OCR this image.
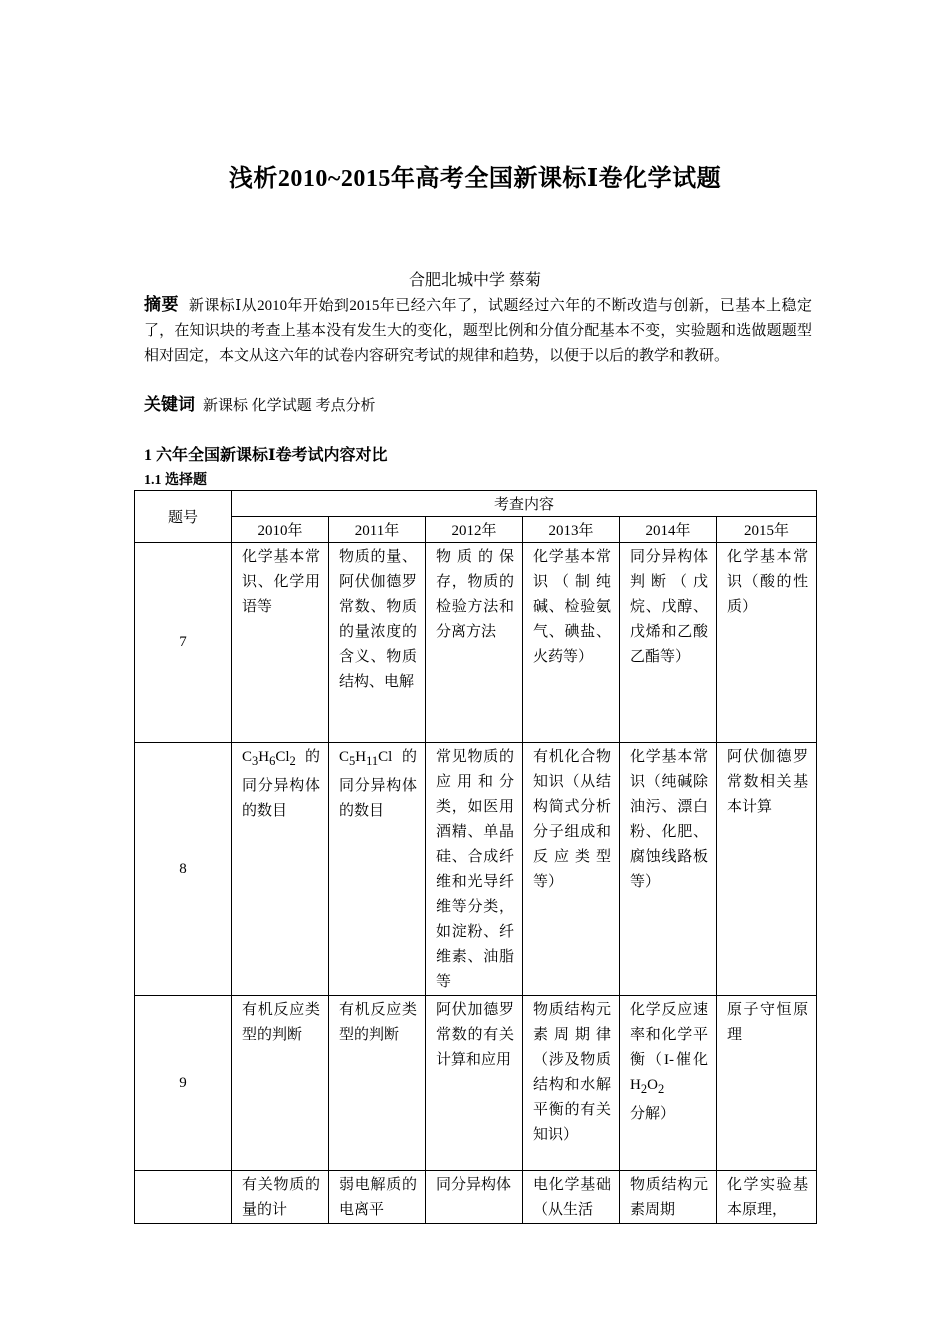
浅析2010~2015年高考全国新课标Ⅰ卷化学试题
合肥北城中学 蔡菊
摘要 新课标Ⅰ从2010年开始到2015年已经六年了，试题经过六年的不断改造与创新，已基本上稳定了，在知识块的考查上基本没有发生大的变化，题型比例和分值分配基本不变，实验题和选做题题型相对固定，本文从这六年的试卷内容研究考试的规律和趋势，以便于以后的教学和教研。
关键词 新课标 化学试题 考点分析
1 六年全国新课标Ⅰ卷考试内容对比
1.1 选择题
题号	考查内容					
	2010年	2011年	2012年	2013年	2014年	2015年
7	化学基本常识、化学用语等	物质的量、阿伏伽德罗常数、物质的量浓度的含义、物质结构、电解	物质的保存，物质的检验方法和分离方法	化学基本常识（制纯碱、检验氨气、碘盐、火药等）	同分异构体判断（戊烷、戊醇、戊烯和乙酸乙酯等）	化学基本常识（酸的性质）
8	$C_3H_6Cl_2$ 的同分异构体的数目	$C_5H_{11}Cl$ 的同分异构体的数目	常见物质的应用和分类，如医用酒精、单晶硅、合成纤维和光导纤维等分类，如淀粉、纤维素、油脂等	有机化合物知识（从结构简式分析分子组成和反应类型等）	化学基本常识（纯碱除油污、漂白粉、化肥、腐蚀线路板等）	阿伏伽德罗常数相关基本计算
9	有机反应类型的判断	有机反应类型的判断	阿伏加德罗常数的有关计算和应用	物质结构元素周期律（涉及物质结构和水解平衡的有关知识）	化学反应速率和化学平衡（I-催化 $H_2O_2$分解）	原子守恒原理
	有关物质的量的计	弱电解质的电离平	同分异构体	电化学基础（从生活	物质结构元素周期	化学实验基本原理，
